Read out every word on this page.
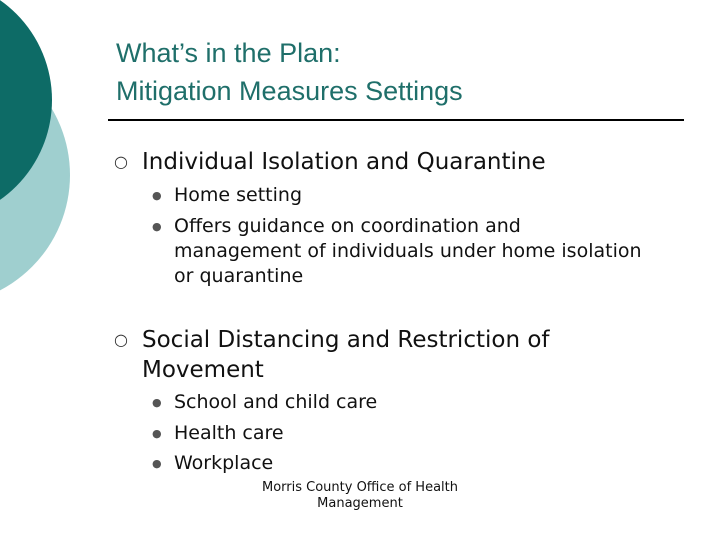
What’s in the Plan:
Mitigation Measures Settings
○ Individual Isolation and Quarantine
● Home setting
● Offers guidance on coordination and management of individuals under home isolation or quarantine
○ Social Distancing and Restriction of Movement
● School and child care
● Health care
● Workplace
Morris County Office of Health Management
